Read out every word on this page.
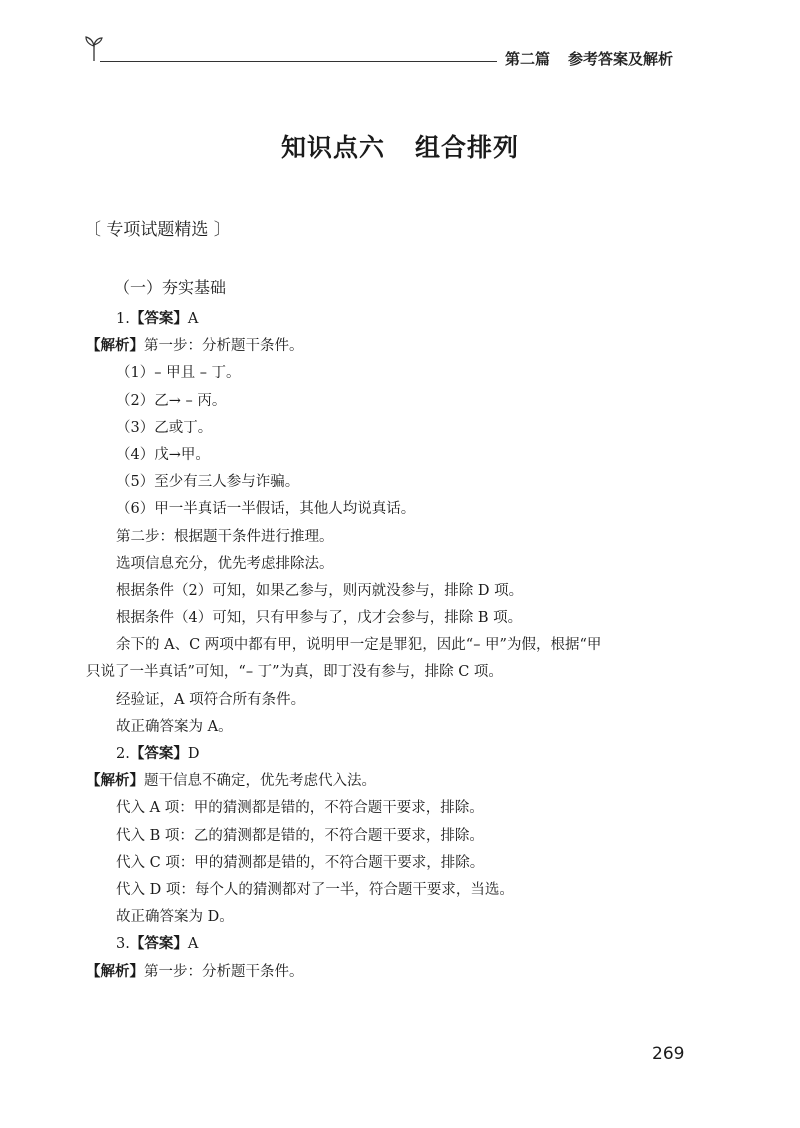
第二篇 参考答案及解析
知识点六 组合排列
〔 专项试题精选 〕
（一）夯实基础
1.【答案】A
【解析】第一步：分析题干条件。
（1）– 甲且 – 丁。
（2）乙→ – 丙。
（3）乙或丁。
（4）戊→甲。
（5）至少有三人参与诈骗。
（6）甲一半真话一半假话，其他人均说真话。
第二步：根据题干条件进行推理。
选项信息充分，优先考虑排除法。
根据条件（2）可知，如果乙参与，则丙就没参与，排除 D 项。
根据条件（4）可知，只有甲参与了，戊才会参与，排除 B 项。
余下的 A、C 两项中都有甲，说明甲一定是罪犯，因此“– 甲”为假，根据“甲
只说了一半真话”可知，“– 丁”为真，即丁没有参与，排除 C 项。
经验证，A 项符合所有条件。
故正确答案为 A。
2.【答案】D
【解析】题干信息不确定，优先考虑代入法。
代入 A 项：甲的猜测都是错的，不符合题干要求，排除。
代入 B 项：乙的猜测都是错的，不符合题干要求，排除。
代入 C 项：甲的猜测都是错的，不符合题干要求，排除。
代入 D 项：每个人的猜测都对了一半，符合题干要求，当选。
故正确答案为 D。
3.【答案】A
【解析】第一步：分析题干条件。
269
